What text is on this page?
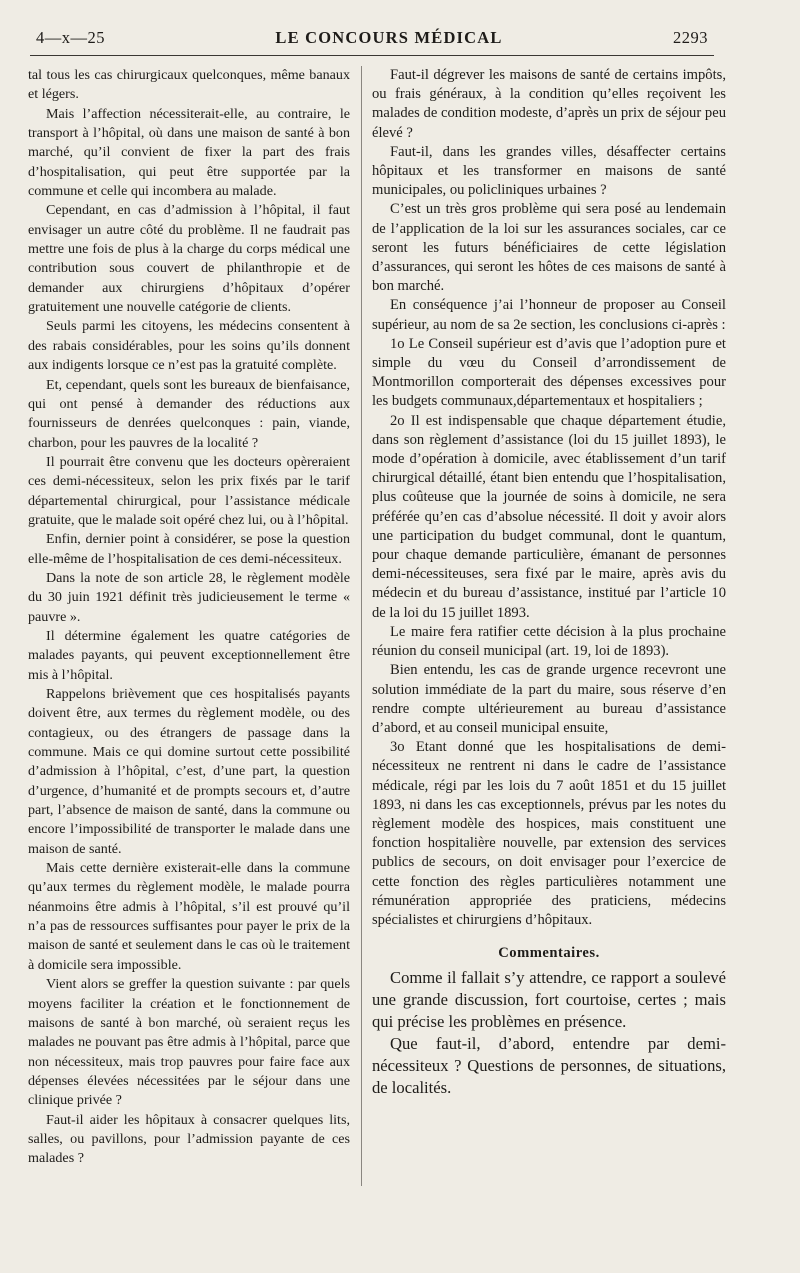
4—x—25	LE CONCOURS MÉDICAL	2293

tal tous les cas chirurgicaux quelconques, même banaux et légers.

Mais l’affection nécessiterait-elle, au contraire, le transport à l’hôpital, où dans une maison de santé à bon marché, qu’il convient de fixer la part des frais d’hospitalisation, qui peut être supportée par la commune et celle qui incombera au malade.

Cependant, en cas d’admission à l’hôpital, il faut envisager un autre côté du problème. Il ne faudrait pas mettre une fois de plus à la charge du corps médical une contribution sous couvert de philanthropie et de demander aux chirurgiens d’hôpitaux d’opérer gratuitement une nouvelle catégorie de clients.

Seuls parmi les citoyens, les médecins consentent à des rabais considérables, pour les soins qu’ils donnent aux indigents lorsque ce n’est pas la gratuité complète.

Et, cependant, quels sont les bureaux de bienfaisance, qui ont pensé à demander des réductions aux fournisseurs de denrées quelconques : pain, viande, charbon, pour les pauvres de la localité ?

Il pourrait être convenu que les docteurs opèreraient ces demi-nécessiteux, selon les prix fixés par le tarif départemental chirurgical, pour l’assistance médicale gratuite, que le malade soit opéré chez lui, ou à l’hôpital.

Enfin, dernier point à considérer, se pose la question elle-même de l’hospitalisation de ces demi-nécessiteux.

Dans la note de son article 28, le règlement modèle du 30 juin 1921 définit très judicieusement le terme « pauvre ».

Il détermine également les quatre catégories de malades payants, qui peuvent exceptionnellement être mis à l’hôpital.

Rappelons brièvement que ces hospitalisés payants doivent être, aux termes du règlement modèle, ou des contagieux, ou des étrangers de passage dans la commune. Mais ce qui domine surtout cette possibilité d’admission à l’hôpital, c’est, d’une part, la question d’urgence, d’humanité et de prompts secours et, d’autre part, l’absence de maison de santé, dans la commune ou encore l’impossibilité de transporter le malade dans une maison de santé.

Mais cette dernière existerait-elle dans la commune qu’aux termes du règlement modèle, le malade pourra néanmoins être admis à l’hôpital, s’il est prouvé qu’il n’a pas de ressources suffisantes pour payer le prix de la maison de santé et seulement dans le cas où le traitement à domicile sera impossible.

Vient alors se greffer la question suivante : par quels moyens faciliter la création et le fonctionnement de maisons de santé à bon marché, où seraient reçus les malades ne pouvant pas être admis à l’hôpital, parce que non nécessiteux, mais trop pauvres pour faire face aux dépenses élevées nécessitées par le séjour dans une clinique privée ?

Faut-il aider les hôpitaux à consacrer quelques lits, salles, ou pavillons, pour l’admission payante de ces malades ?

Faut-il dégrever les maisons de santé de certains impôts, ou frais généraux, à la condition qu’elles reçoivent les malades de condition modeste, d’après un prix de séjour peu élevé ?

Faut-il, dans les grandes villes, désaffecter certains hôpitaux et les transformer en maisons de santé municipales, ou policliniques urbaines ?

C’est un très gros problème qui sera posé au lendemain de l’application de la loi sur les assurances sociales, car ce seront les futurs bénéficiaires de cette législation d’assurances, qui seront les hôtes de ces maisons de santé à bon marché.

En conséquence j’ai l’honneur de proposer au Conseil supérieur, au nom de sa 2e section, les conclusions ci-après :

1o Le Conseil supérieur est d’avis que l’adoption pure et simple du vœu du Conseil d’arrondissement de Montmorillon comporterait des dépenses excessives pour les budgets communaux,départementaux et hospitaliers ;

2o Il est indispensable que chaque département étudie, dans son règlement d’assistance (loi du 15 juillet 1893), le mode d’opération à domicile, avec établissement d’un tarif chirurgical détaillé, étant bien entendu que l’hospitalisation, plus coûteuse que la journée de soins à domicile, ne sera préférée qu’en cas d’absolue nécessité. Il doit y avoir alors une participation du budget communal, dont le quantum, pour chaque demande particulière, émanant de personnes demi-nécessiteuses, sera fixé par le maire, après avis du médecin et du bureau d’assistance, institué par l’article 10 de la loi du 15 juillet 1893.

Le maire fera ratifier cette décision à la plus prochaine réunion du conseil municipal (art. 19, loi de 1893).

Bien entendu, les cas de grande urgence recevront une solution immédiate de la part du maire, sous réserve d’en rendre compte ultérieurement au bureau d’assistance d’abord, et au conseil municipal ensuite,

3o Etant donné que les hospitalisations de demi-nécessiteux ne rentrent ni dans le cadre de l’assistance médicale, régi par les lois du 7 août 1851 et du 15 juillet 1893, ni dans les cas exceptionnels, prévus par les notes du règlement modèle des hospices, mais constituent une fonction hospitalière nouvelle, par extension des services publics de secours, on doit envisager pour l’exercice de cette fonction des règles particulières notamment une rémunération appropriée des praticiens, médecins spécialistes et chirurgiens d’hôpitaux.

Commentaires.

Comme il fallait s’y attendre, ce rapport a soulevé une grande discussion, fort courtoise, certes ; mais qui précise les problèmes en présence.

Que faut-il, d’abord, entendre par demi-nécessiteux ? Questions de personnes, de situations, de localités.
